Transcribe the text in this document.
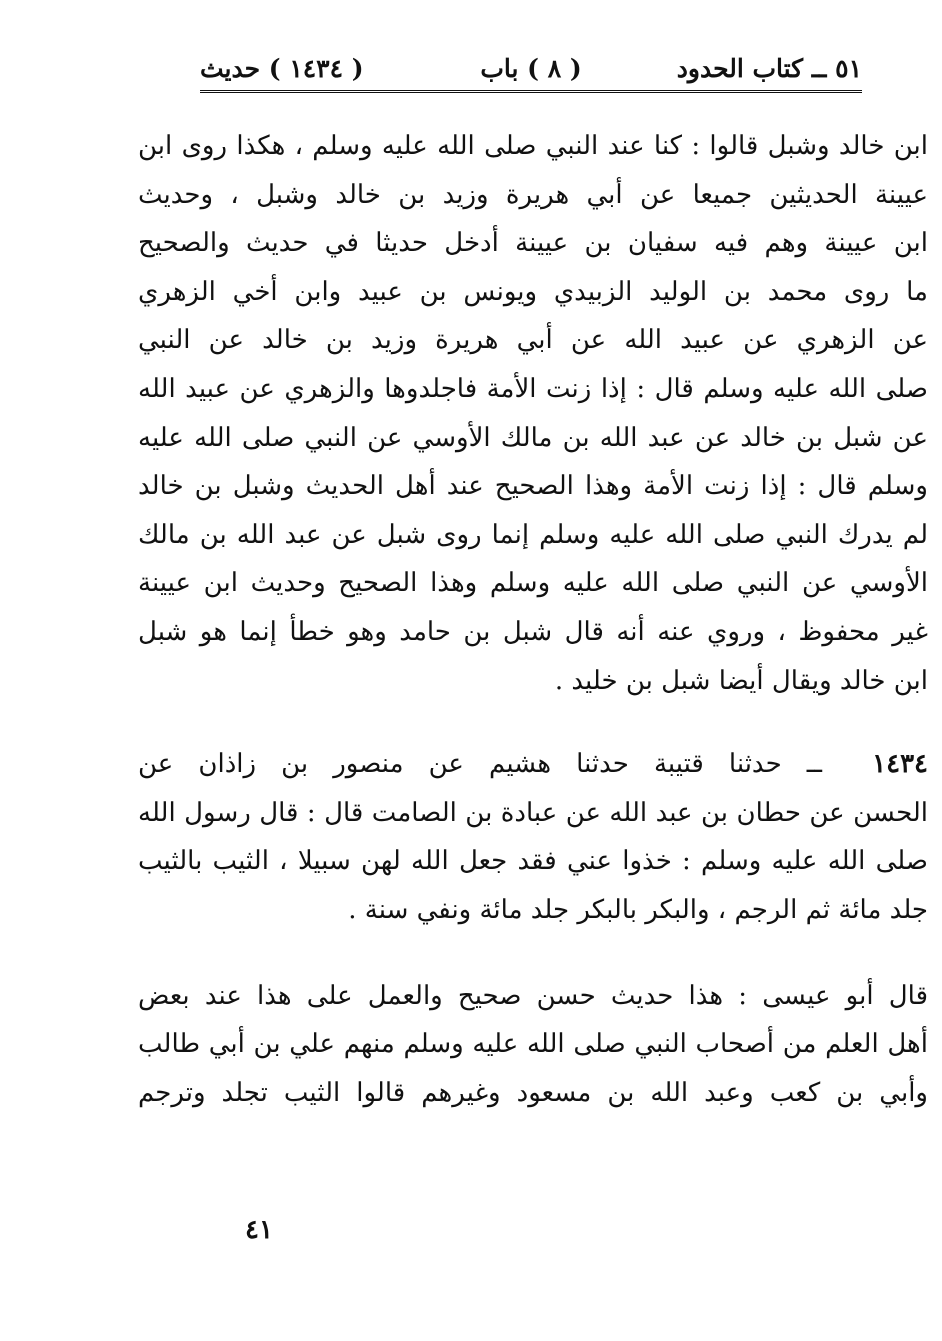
٥١ ــ كتاب الحدود
( ٨ ) باب
( ١٤٣٤ ) حديث
ابن خالد وشبل قالوا : كنا عند النبي صلى الله عليه وسلم ، هكذا روى ابن
عيينة الحديثين جميعا عن أبي هريرة وزيد بن خالد وشبل ، وحديث
ابن عيينة وهم فيه سفيان بن عيينة أدخل حديثا في حديث والصحيح
ما روى محمد بن الوليد الزبيدي ويونس بن عبيد وابن أخي الزهري
عن الزهري عن عبيد الله عن أبي هريرة وزيد بن خالد عن النبي
صلى الله عليه وسلم قال : إذا زنت الأمة فاجلدوها والزهري عن عبيد الله
عن شبل بن خالد عن عبد الله بن مالك الأوسي عن النبي صلى الله عليه
وسلم قال : إذا زنت الأمة وهذا الصحيح عند أهل الحديث وشبل بن خالد
لم يدرك النبي صلى الله عليه وسلم إنما روى شبل عن عبد الله بن مالك
الأوسي عن النبي صلى الله عليه وسلم وهذا الصحيح وحديث ابن عيينة
غير محفوظ ، وروي عنه أنه قال شبل بن حامد وهو خطأ إنما هو شبل
ابن خالد ويقال أيضا شبل بن خليد .
١٤٣٤  ــ حدثنا قتيبة حدثنا هشيم عن منصور بن زاذان عن
الحسن عن حطان بن عبد الله عن عبادة بن الصامت قال : قال رسول الله
صلى الله عليه وسلم : خذوا عني فقد جعل الله لهن سبيلا ، الثيب بالثيب
جلد مائة ثم الرجم ، والبكر بالبكر جلد مائة ونفي سنة .
قال أبو عيسى : هذا حديث حسن صحيح والعمل على هذا عند بعض
أهل العلم من أصحاب النبي صلى الله عليه وسلم منهم علي بن أبي طالب
وأبي بن كعب وعبد الله بن مسعود وغيرهم قالوا الثيب تجلد وترجم
٤١
